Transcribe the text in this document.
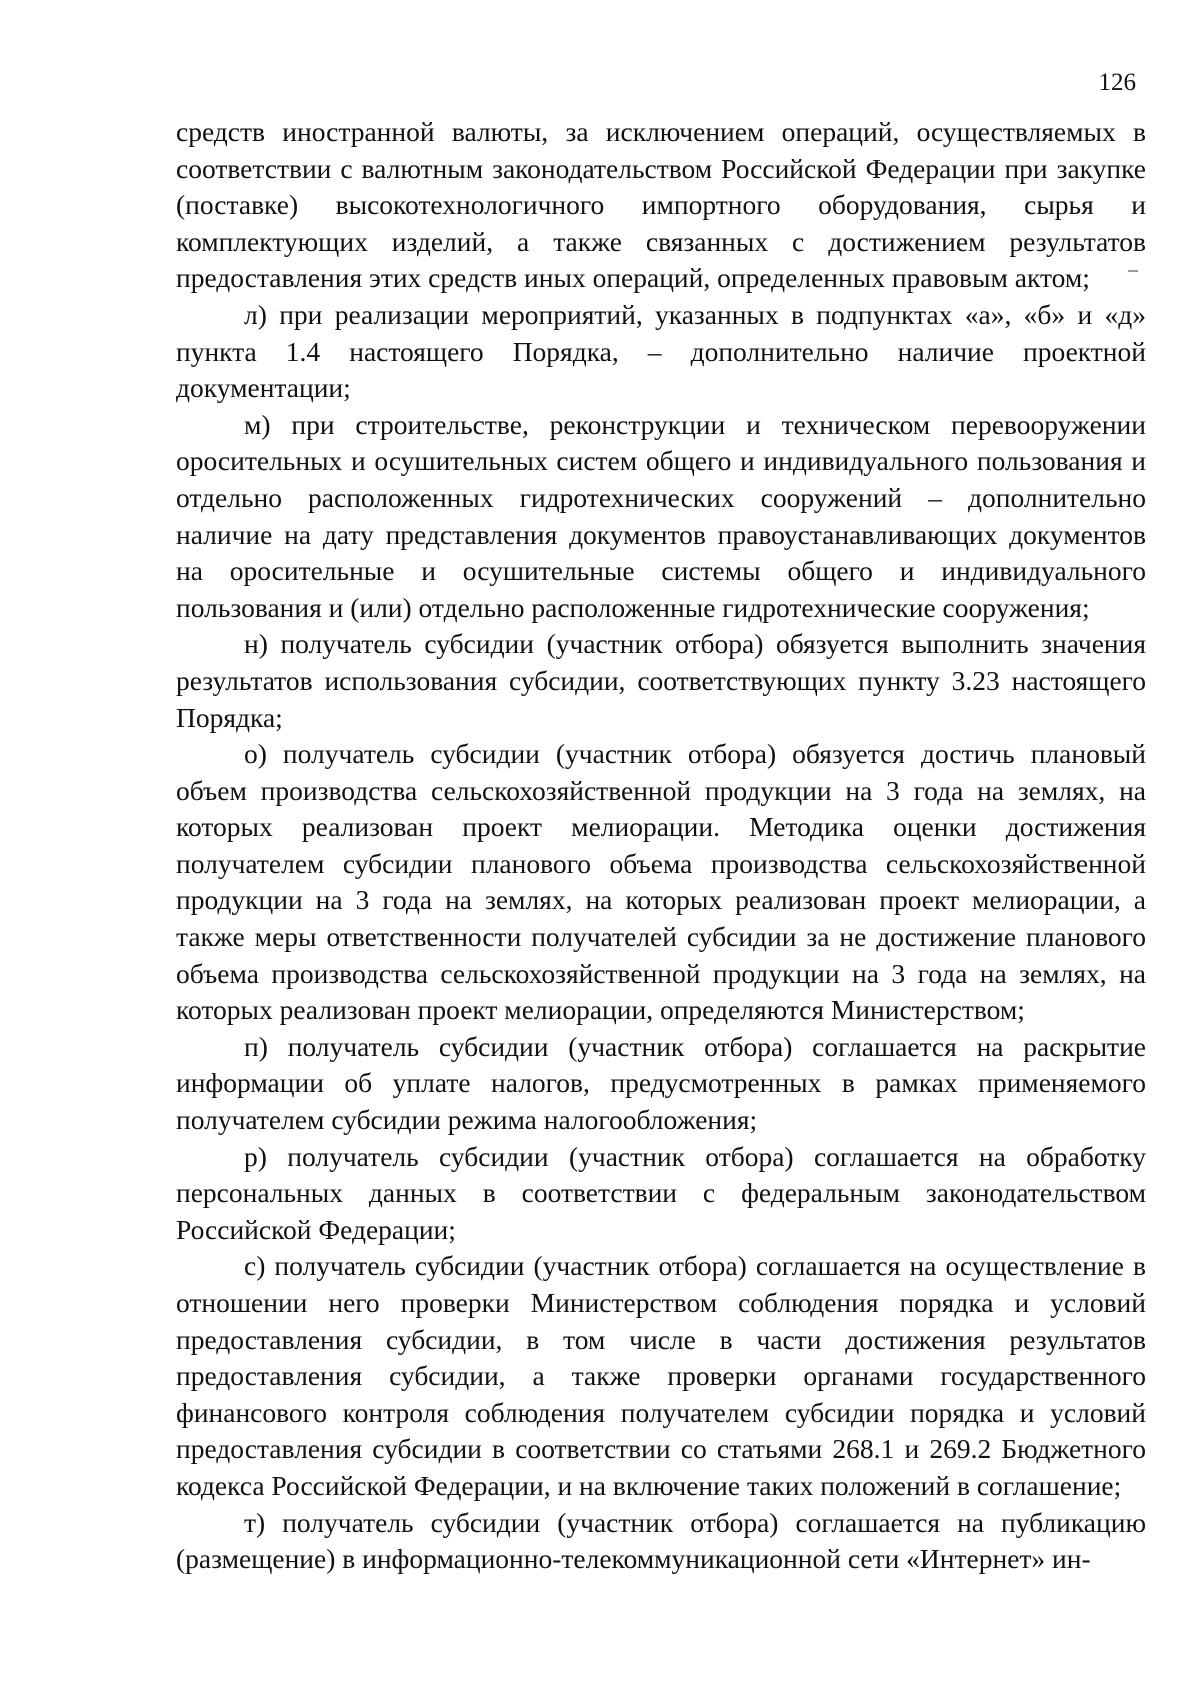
126

средств иностранной валюты, за исключением операций, осуществляемых в соответствии с валютным законодательством Российской Федерации при закупке (поставке) высокотехнологичного импортного оборудования, сырья и комплектующих изделий, а также связанных с достижением результатов предоставления этих средств иных операций, определенных правовым актом;

л) при реализации мероприятий, указанных в подпунктах «а», «б» и «д» пункта 1.4 настоящего Порядка, – дополнительно наличие проектной документации;

м) при строительстве, реконструкции и техническом перевооружении оросительных и осушительных систем общего и индивидуального пользования и отдельно расположенных гидротехнических сооружений – дополнительно наличие на дату представления документов правоустанавливающих документов на оросительные и осушительные системы общего и индивидуального пользования и (или) отдельно расположенные гидротехнические сооружения;

н) получатель субсидии (участник отбора) обязуется выполнить значения результатов использования субсидии, соответствующих пункту 3.23 настоящего Порядка;

о) получатель субсидии (участник отбора) обязуется достичь плановый объем производства сельскохозяйственной продукции на 3 года на землях, на которых реализован проект мелиорации. Методика оценки достижения получателем субсидии планового объема производства сельскохозяйственной продукции на 3 года на землях, на которых реализован проект мелиорации, а также меры ответственности получателей субсидии за не достижение планового объема производства сельскохозяйственной продукции на 3 года на землях, на которых реализован проект мелиорации, определяются Министерством;

п) получатель субсидии (участник отбора) соглашается на раскрытие информации об уплате налогов, предусмотренных в рамках применяемого получателем субсидии режима налогообложения;

р) получатель субсидии (участник отбора) соглашается на обработку персональных данных в соответствии с федеральным законодательством Российской Федерации;

с) получатель субсидии (участник отбора) соглашается на осуществление в отношении него проверки Министерством соблюдения порядка и условий предоставления субсидии, в том числе в части достижения результатов предоставления субсидии, а также проверки органами государственного финансового контроля соблюдения получателем субсидии порядка и условий предоставления субсидии в соответствии со статьями 268.1 и 269.2 Бюджетного кодекса Российской Федерации, и на включение таких положений в соглашение;

т) получатель субсидии (участник отбора) соглашается на публикацию (размещение) в информационно-телекоммуникационной сети «Интернет» ин-
